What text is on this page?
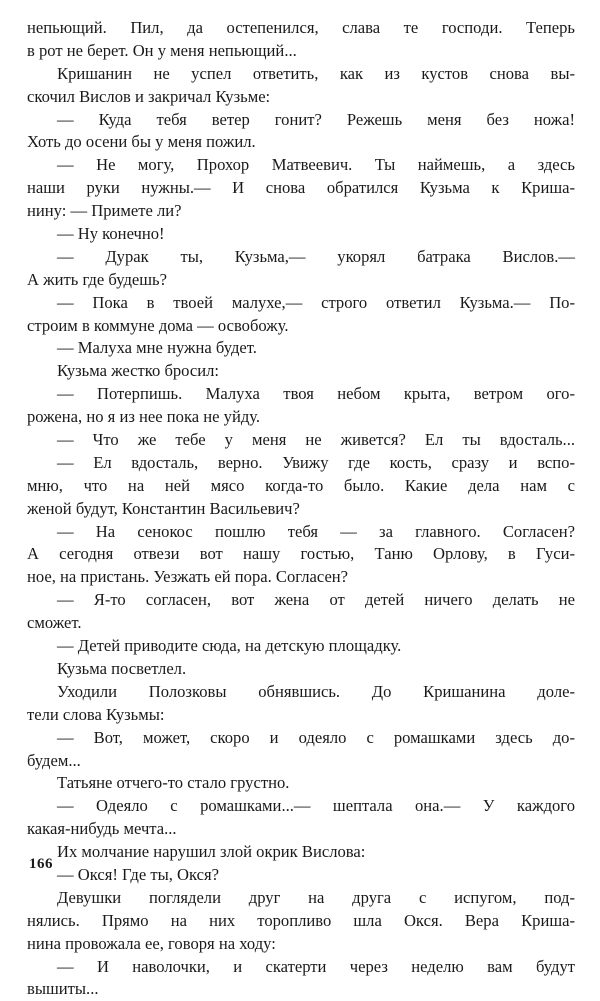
непьющий. Пил, да остепенился, слава те господи. Теперь
в рот не берет. Он у меня непьющий...
Кришанин не успел ответить, как из кустов снова вы-
скочил Вислов и закричал Кузьме:
— Куда тебя ветер гонит? Режешь меня без ножа!
Хоть до осени бы у меня пожил.
— Не могу, Прохор Матвеевич. Ты наймешь, а здесь
наши руки нужны.— И снова обратился Кузьма к Криша-
нину: — Примете ли?
— Ну конечно!
— Дурак ты, Кузьма,— укорял батрака Вислов.—
А жить где будешь?
— Пока в твоей малухе,— строго ответил Кузьма.— По-
строим в коммуне дома — освобожу.
— Малуха мне нужна будет.
Кузьма жестко бросил:
— Потерпишь. Малуха твоя небом крыта, ветром ого-
рожена, но я из нее пока не уйду.
— Что же тебе у меня не живется? Ел ты вдосталь...
— Ел вдосталь, верно. Увижу где кость, сразу и вспо-
мню, что на ней мясо когда-то было. Какие дела нам с
женой будут, Константин Васильевич?
— На сенокос пошлю тебя — за главного. Согласен?
А сегодня отвези вот нашу гостью, Таню Орлову, в Гуси-
ное, на пристань. Уезжать ей пора. Согласен?
— Я-то согласен, вот жена от детей ничего делать не
сможет.
— Детей приводите сюда, на детскую площадку.
Кузьма посветлел.
Уходили Полозковы обнявшись. До Кришанина доле-
тели слова Кузьмы:
— Вот, может, скоро и одеяло с ромашками здесь до-
будем...
Татьяне отчего-то стало грустно.
— Одеяло с ромашками...— шептала она.— У каждого
какая-нибудь мечта...
Их молчание нарушил злой окрик Вислова:
— Окся! Где ты, Окся?
Девушки поглядели друг на друга с испугом, под-
нялись. Прямо на них торопливо шла Окся. Вера Криша-
нина провожала ее, говоря на ходу:
— И наволочки, и скатерти через неделю вам будут
вышиты...
166
